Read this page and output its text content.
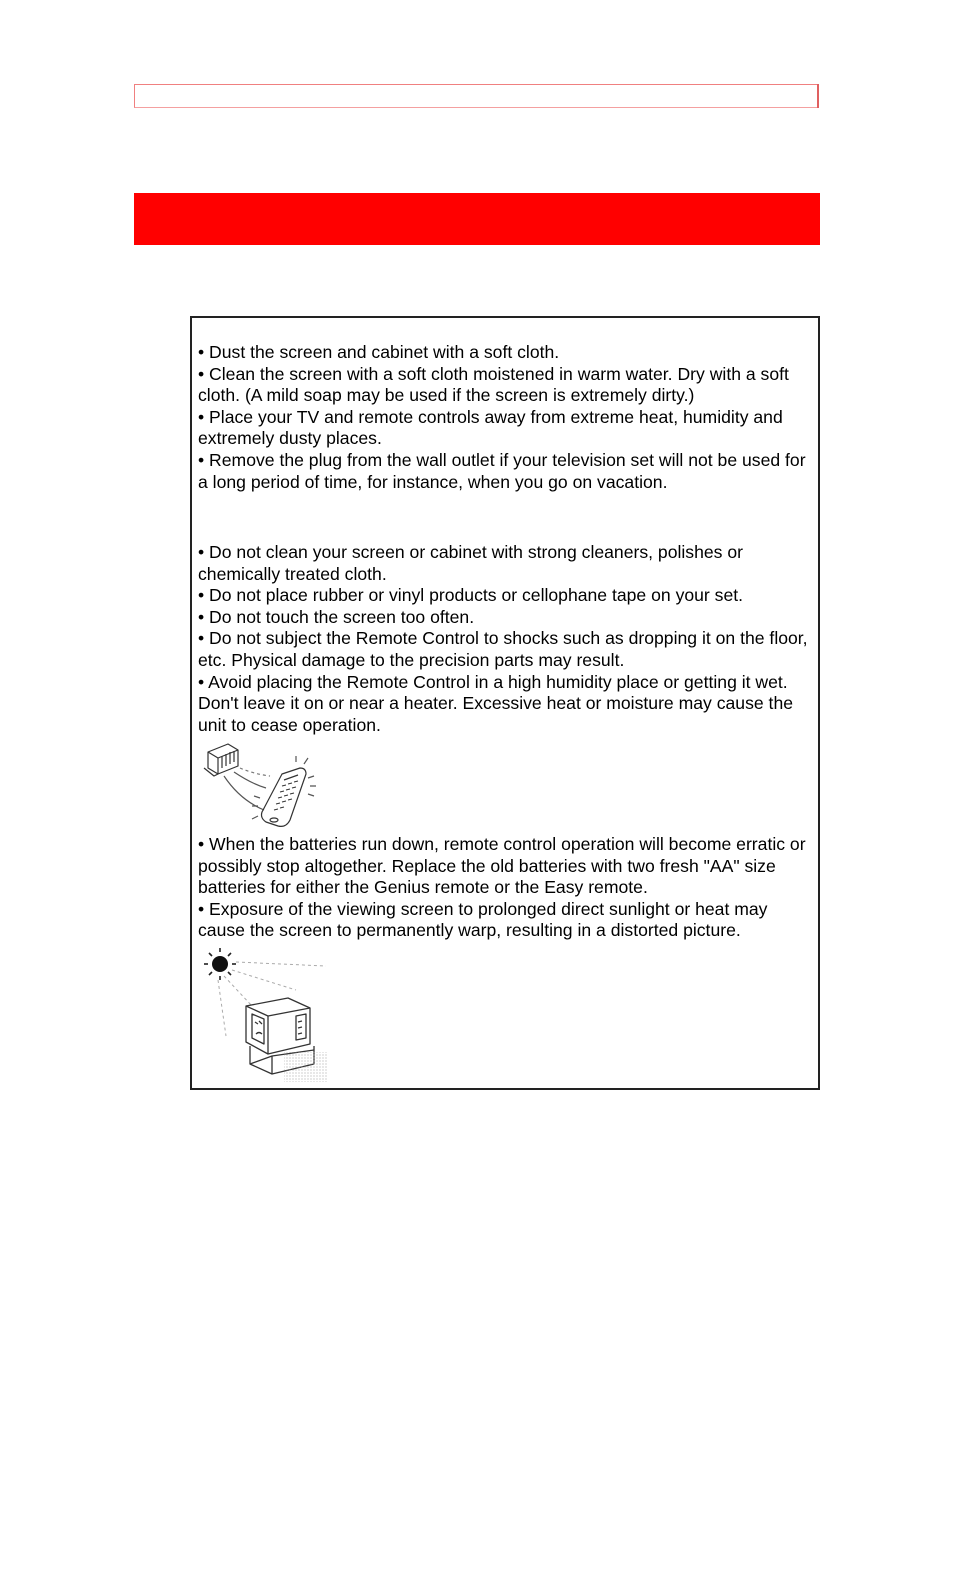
• Dust the screen and cabinet with a soft cloth.

• Clean the screen with a soft cloth moistened in warm water. Dry with a soft cloth. (A mild soap may be used if the screen is extremely dirty.)

• Place your TV and remote controls away from extreme heat, humidity and extremely dusty places.

• Remove the plug from the wall outlet if your television set will not be used for a long period of time, for instance, when you go on vacation.

• Do not clean your screen or cabinet with strong cleaners, polishes or chemically treated cloth.

• Do not place rubber or vinyl products or cellophane tape on your set.

• Do not touch the screen too often.

• Do not subject the Remote Control to shocks such as dropping it on the floor, etc. Physical damage to the precision parts may result.

• Avoid placing the Remote Control in a high humidity place or getting it wet. Don't leave it on or near a heater. Excessive heat or moisture may cause the unit to cease operation.

• When the batteries run down, remote control operation will become erratic or possibly stop altogether. Replace the old batteries with two fresh "AA" size batteries for either the Genius remote or the Easy remote.

• Exposure of the viewing screen to prolonged direct sunlight or heat may cause the screen to permanently warp, resulting in a distorted picture.
